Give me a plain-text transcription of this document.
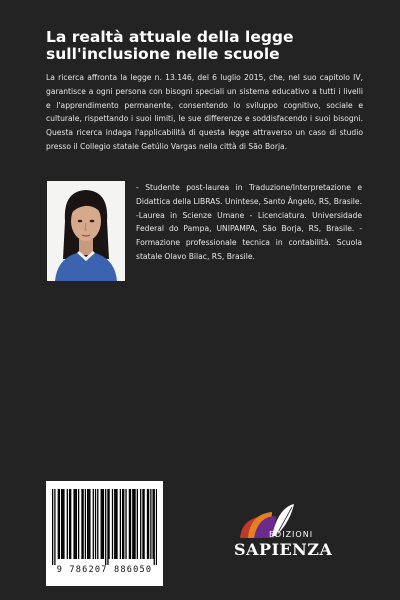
La realtà attuale della legge sull'inclusione nelle scuole

La ricerca affronta la legge n. 13.146, del 6 luglio 2015, che, nel suo capitolo IV, garantisce a ogni persona con bisogni speciali un sistema educativo a tutti i livelli e l'apprendimento permanente, consentendo lo sviluppo cognitivo, sociale e culturale, rispettando i suoi limiti, le sue differenze e soddisfacendo i suoi bisogni. Questa ricerca indaga l'applicabilità di questa legge attraverso un caso di studio presso il Collegio statale Getúlio Vargas nella città di São Borja.

- Studente post-laurea in Traduzione/Interpretazione e Didattica della LIBRAS. Unintese, Santo Ângelo, RS, Brasile. -Laurea in Scienze Umane - Licenciatura. Universidade Federal do Pampa, UNIPAMPA, São Borja, RS, Brasile. -Formazione professionale tecnica in contabilità. Scuola statale Olavo Bilac, RS, Brasile.

9 786207 886050
EDIZIONI
SAPIENZA
